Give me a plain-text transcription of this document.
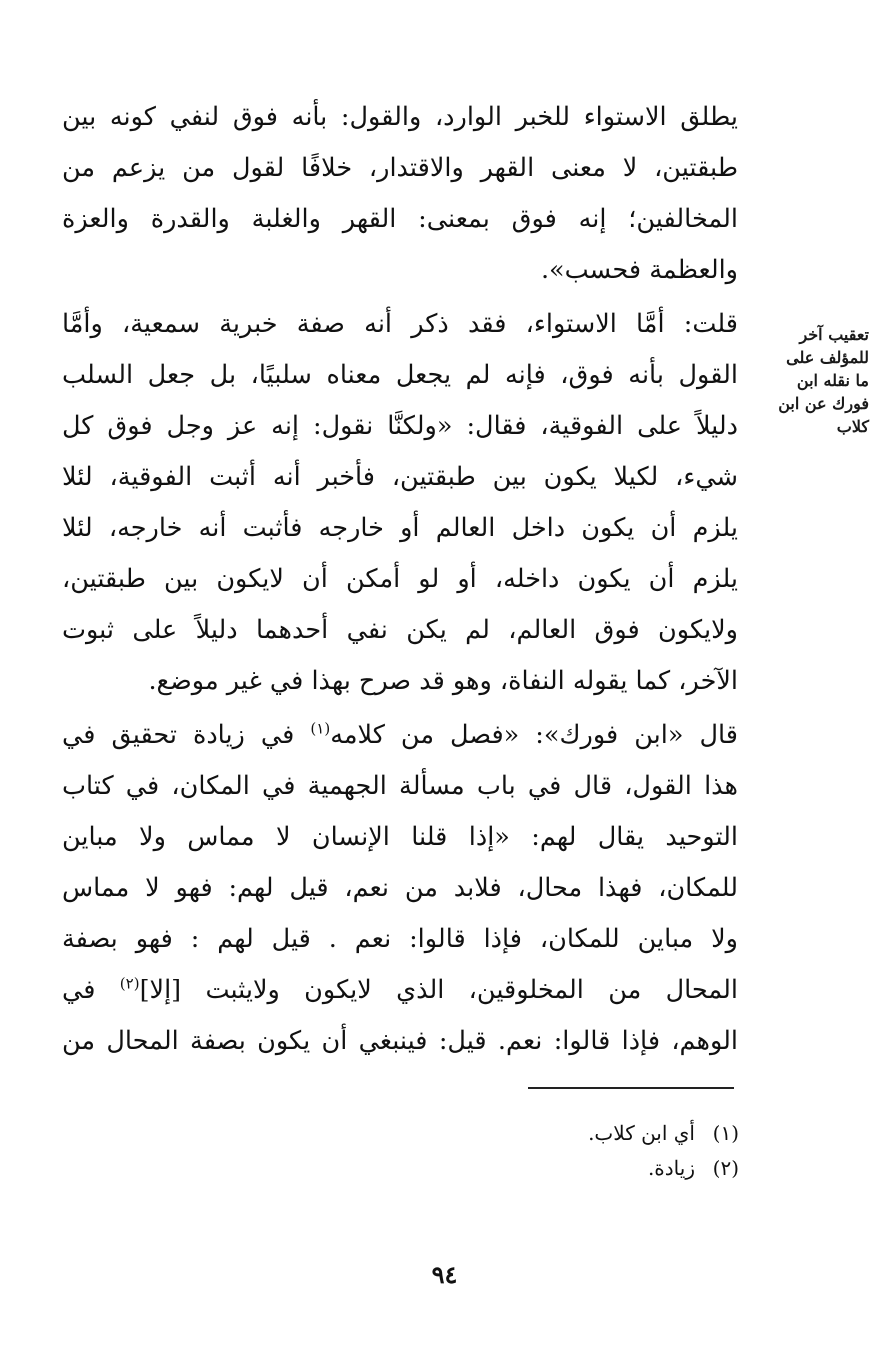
يطلق الاستواء للخبر الوارد، والقول: بأنه فوق لنفي كونه بين
طبقتين، لا معنى القهر والاقتدار، خلافًا لقول من يزعم من
المخالفين؛ إنه فوق بمعنى: القهر والغلبة والقدرة والعزة
والعظمة فحسب».
تعقيب آخر
للمؤلف على
ما نقله ابن
فورك عن ابن
كلاب
قلت: أمَّا الاستواء، فقد ذكر أنه صفة خبرية سمعية، وأمَّا
القول بأنه فوق، فإنه لم يجعل معناه سلبيًا، بل جعل السلب
دليلاً على الفوقية، فقال: «ولكنَّا نقول: إنه عز وجل فوق كل
شيء، لكيلا يكون بين طبقتين، فأخبر أنه أثبت الفوقية، لئلا
يلزم أن يكون داخل العالم أو خارجه فأثبت أنه خارجه، لئلا
يلزم أن يكون داخله، أو لو أمكن أن لايكون بين طبقتين،
ولايكون فوق العالم، لم يكن نفي أحدهما دليلاً على ثبوت
الآخر، كما يقوله النفاة، وهو قد صرح بهذا في غير موضع.
قال «ابن فورك»: «فصل من كلامه$^{(١)}$ في زيادة تحقيق في
هذا القول، قال في باب مسألة الجهمية في المكان، في كتاب
التوحيد يقال لهم: «إذا قلنا الإنسان لا مماس ولا مباين
للمكان، فهذا محال، فلابد من نعم، قيل لهم: فهو لا مماس
ولا مباين للمكان، فإذا قالوا: نعم . قيل لهم : فهو بصفة
المحال من المخلوقين، الذي لايكون ولايثبت [إلا]$^{(٢)}$ في
الوهم، فإذا قالوا: نعم. قيل: فينبغي أن يكون بصفة المحال من
(١)أي ابن كلاب.
(٢)زيادة.
٩٤
